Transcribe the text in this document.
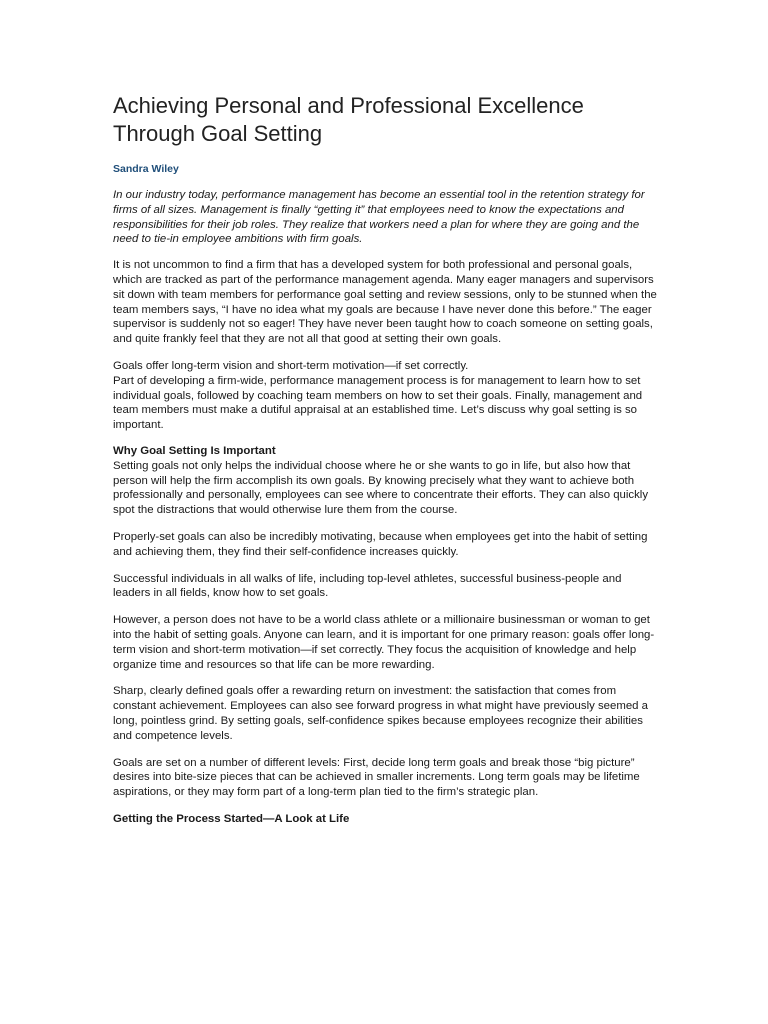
Achieving Personal and Professional Excellence Through Goal Setting
Sandra Wiley

In our industry today, performance management has become an essential tool in the retention strategy for firms of all sizes. Management is finally “getting it” that employees need to know the expectations and responsibilities for their job roles. They realize that workers need a plan for where they are going and the need to tie-in employee ambitions with firm goals.

It is not uncommon to find a firm that has a developed system for both professional and personal goals, which are tracked as part of the performance management agenda. Many eager managers and supervisors sit down with team members for performance goal setting and review sessions, only to be stunned when the team members says, “I have no idea what my goals are because I have never done this before.” The eager supervisor is suddenly not so eager! They have never been taught how to coach someone on setting goals, and quite frankly feel that they are not all that good at setting their own goals.

Goals offer long-term vision and short-term motivation—if set correctly.

Part of developing a firm-wide, performance management process is for management to learn how to set individual goals, followed by coaching team members on how to set their goals. Finally, management and team members must make a dutiful appraisal at an established time. Let’s discuss why goal setting is so important.

Why Goal Setting Is Important

Setting goals not only helps the individual choose where he or she wants to go in life, but also how that person will help the firm accomplish its own goals. By knowing precisely what they want to achieve both professionally and personally, employees can see where to concentrate their efforts. They can also quickly spot the distractions that would otherwise lure them from the course.

Properly-set goals can also be incredibly motivating, because when employees get into the habit of setting and achieving them, they find their self-confidence increases quickly.

Successful individuals in all walks of life, including top-level athletes, successful business-people and leaders in all fields, know how to set goals.

However, a person does not have to be a world class athlete or a millionaire businessman or woman to get into the habit of setting goals. Anyone can learn, and it is important for one primary reason: goals offer long-term vision and short-term motivation—if set correctly. They focus the acquisition of knowledge and help organize time and resources so that life can be more rewarding.

Sharp, clearly defined goals offer a rewarding return on investment: the satisfaction that comes from constant achievement. Employees can also see forward progress in what might have previously seemed a long, pointless grind. By setting goals, self-confidence spikes because employees recognize their abilities and competence levels.

Goals are set on a number of different levels: First, decide long term goals and break those “big picture” desires into bite-size pieces that can be achieved in smaller increments. Long term goals may be lifetime aspirations, or they may form part of a long-term plan tied to the firm’s strategic plan.

Getting the Process Started—A Look at Life
